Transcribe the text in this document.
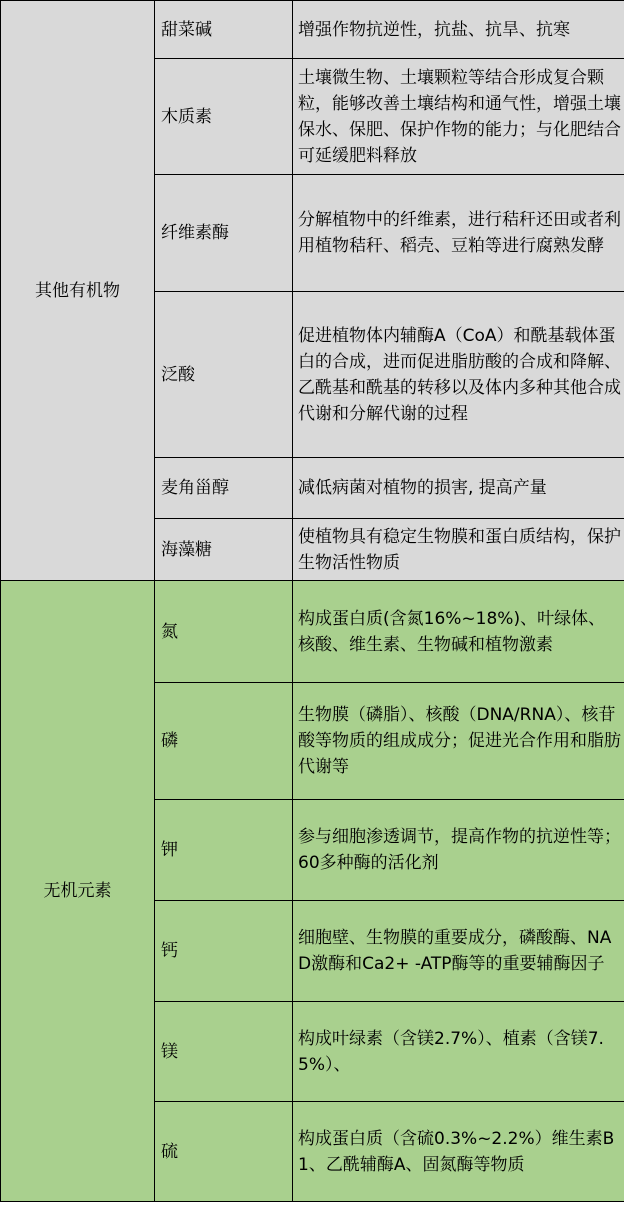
其他有机物	甜菜碱	增强作物抗逆性，抗盐、抗旱、抗寒
	木质素	土壤微生物、土壤颗粒等结合形成复合颗粒，能够改善土壤结构和通气性，增强土壤保水、保肥、保护作物的能力；与化肥结合可延缓肥料释放
	纤维素酶	分解植物中的纤维素，进行秸秆还田或者利用植物秸秆、稻壳、豆粕等进行腐熟发酵
	泛酸	促进植物体内辅酶A（CoA）和酰基载体蛋白的合成，进而促进脂肪酸的合成和降解、乙酰基和酰基的转移以及体内多种其他合成代谢和分解代谢的过程
	麦角甾醇	减低病菌对植物的损害, 提高产量
	海藻糖	使植物具有稳定生物膜和蛋白质结构，保护生物活性物质
无机元素	氮	构成蛋白质(含氮16%~18%)、叶绿体、核酸、维生素、生物碱和植物激素
	磷	生物膜（磷脂）、核酸（DNA/RNA）、核苷酸等物质的组成成分；促进光合作用和脂肪代谢等
	钾	参与细胞渗透调节，提高作物的抗逆性等；60多种酶的活化剂
	钙	细胞壁、生物膜的重要成分，磷酸酶、NAD激酶和Ca2+ -ATP酶等的重要辅酶因子
	镁	构成叶绿素（含镁2.7%）、植素（含镁7.5%）、
	硫	构成蛋白质（含硫0.3%~2.2%）维生素B1、乙酰辅酶A、固氮酶等物质
